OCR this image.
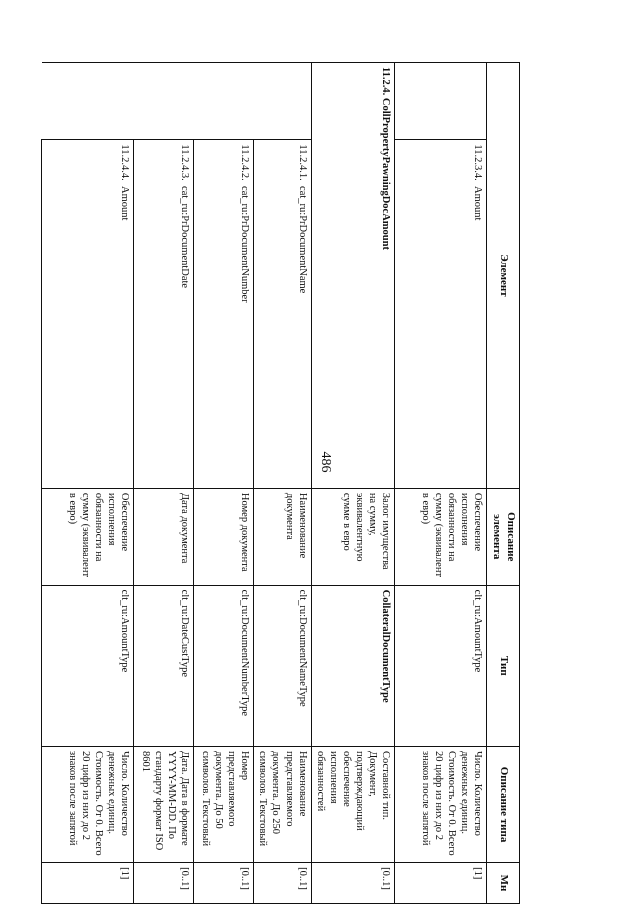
486
Элемент		Описание элемента	Тип	Описание типа	Мн
	11.2.3.4.  Amount	Обеспечение исполнения обязанности на сумму (эквивалент в евро)	clt_ru:AmountType	Число. Количество денежных единиц. Стоимость. От 0. Всего 20 цифр из них до 2 знаков после запятой	[1]
11.2.4. CollPropertyPawningDocAmount		Залог имущества на сумму, эквивалентную сумме в евро	CollateralDocumentType	Составной тип. Документ, подтверждающий обеспечение исполнения обязанностей	[0..1]
	11.2.4.1.  cat_ru:PrDocumentName	Наименование документа	clt_ru:DocumentNameType	Наименование представляемого документа. До 250 символов. Текстовый	[0..1]
	11.2.4.2.  cat_ru:PrDocumentNumber	Номер документа	clt_ru:DocumentNumberType	Номер представляемого документа. До 50 символов. Текстовый	[0..1]
	11.2.4.3.  cat_ru:PrDocumentDate	Дата документа	clt_ru:DateCustType	Дата. Дата в формате YYYY-MM-DD. По стандарту формат ISO 8601	[0..1]
	11.2.4.4.  Amount	Обеспечение исполнения обязанности на сумму (эквивалент в евро)	clt_ru:AmountType	Число. Количество денежных единиц. Стоимость. От 0. Всего 20 цифр из них до 2 знаков после запятой	[1]
